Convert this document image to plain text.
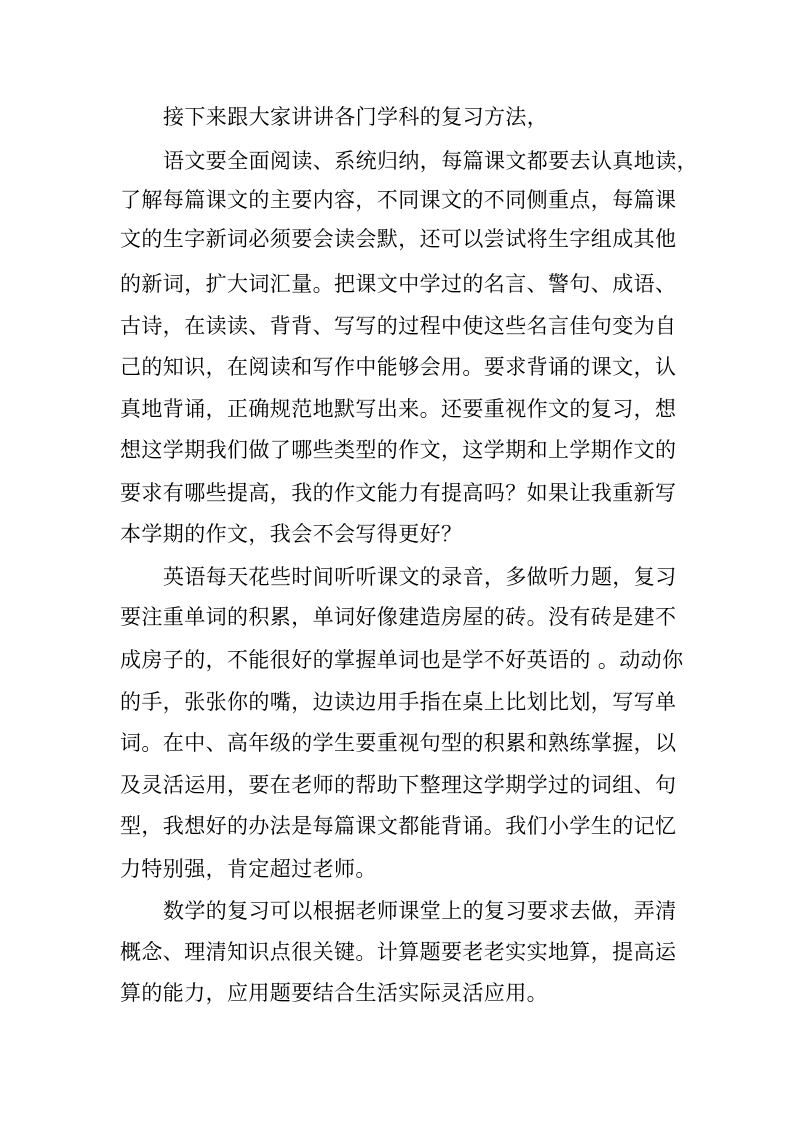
接下来跟大家讲讲各门学科的复习方法，
语文要全面阅读、系统归纳，每篇课文都要去认真地读，
了解每篇课文的主要内容，不同课文的不同侧重点，每篇课
文的生字新词必须要会读会默，还可以尝试将生字组成其他
的新词，扩大词汇量。把课文中学过的名言、警句、成语、
古诗，在读读、背背、写写的过程中使这些名言佳句变为自
己的知识，在阅读和写作中能够会用。要求背诵的课文，认
真地背诵，正确规范地默写出来。还要重视作文的复习，想
想这学期我们做了哪些类型的作文，这学期和上学期作文的
要求有哪些提高，我的作文能力有提高吗？如果让我重新写
本学期的作文，我会不会写得更好？
英语每天花些时间听听课文的录音，多做听力题，复习
要注重单词的积累，单词好像建造房屋的砖。没有砖是建不
成房子的，不能很好的掌握单词也是学不好英语的 。动动你
的手，张张你的嘴，边读边用手指在桌上比划比划，写写单
词。在中、高年级的学生要重视句型的积累和熟练掌握，以
及灵活运用，要在老师的帮助下整理这学期学过的词组、句
型，我想好的办法是每篇课文都能背诵。我们小学生的记忆
力特别强，肯定超过老师。
数学的复习可以根据老师课堂上的复习要求去做，弄清
概念、理清知识点很关键。计算题要老老实实地算，提高运
算的能力，应用题要结合生活实际灵活应用。
